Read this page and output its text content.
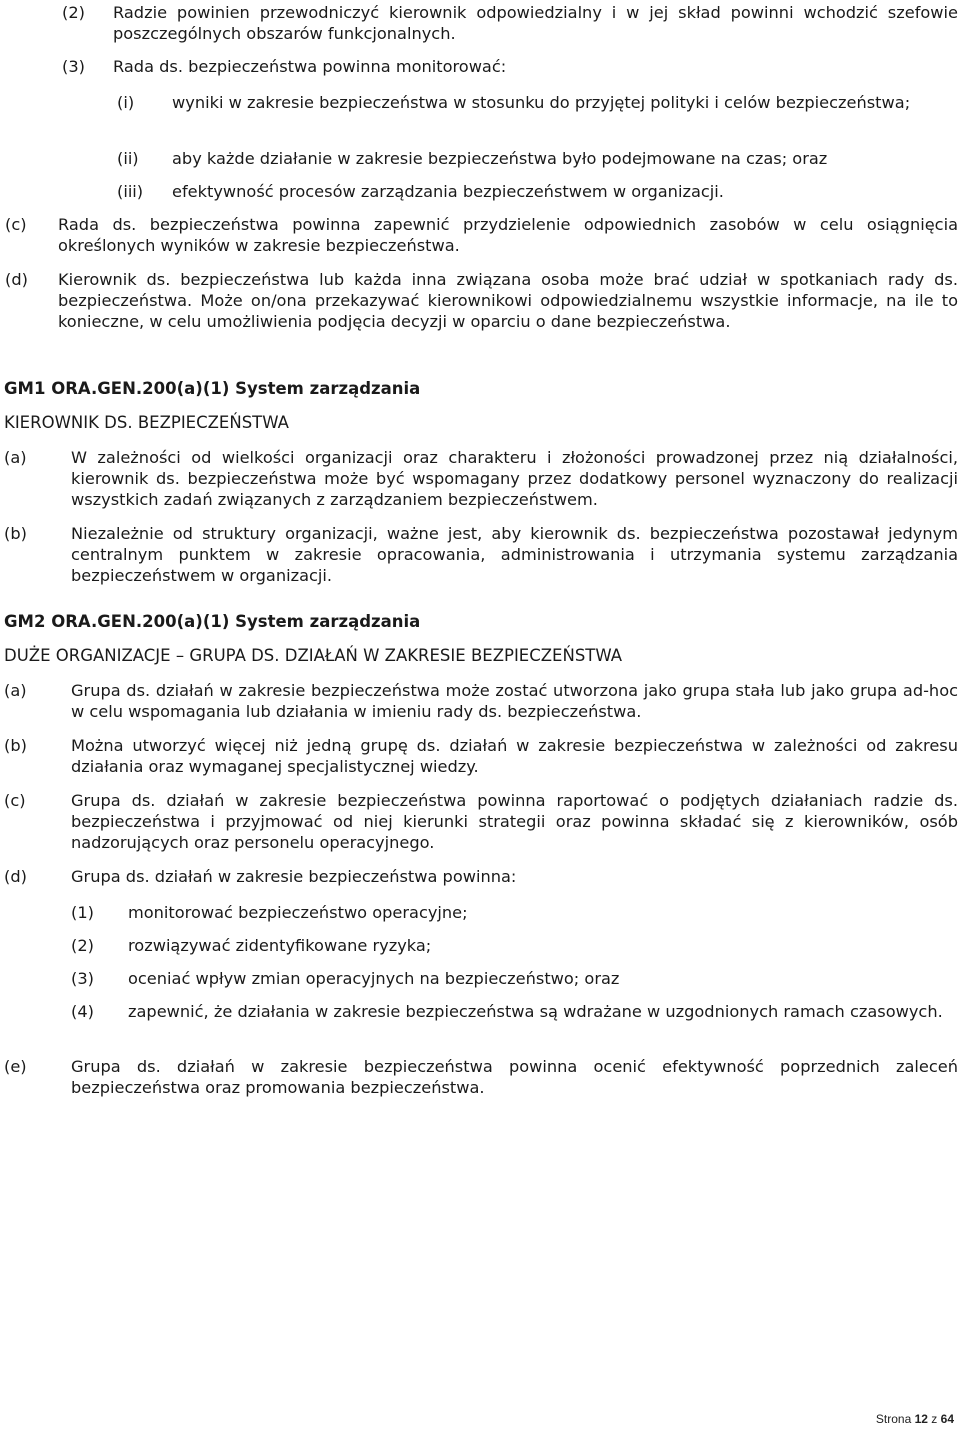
(2) Radzie powinien przewodniczyć kierownik odpowiedzialny i w jej skład powinni wchodzić szefowie poszczególnych obszarów funkcjonalnych.
(3) Rada ds. bezpieczeństwa powinna monitorować:
(i) wyniki w zakresie bezpieczeństwa w stosunku do przyjętej polityki i celów bezpieczeństwa;
(ii) aby każde działanie w zakresie bezpieczeństwa było podejmowane na czas; oraz
(iii) efektywność procesów zarządzania bezpieczeństwem w organizacji.
(c) Rada ds. bezpieczeństwa powinna zapewnić przydzielenie odpowiednich zasobów w celu osiągnięcia określonych wyników w zakresie bezpieczeństwa.
(d) Kierownik ds. bezpieczeństwa lub każda inna związana osoba może brać udział w spotkaniach rady ds. bezpieczeństwa. Może on/ona przekazywać kierownikowi odpowiedzialnemu wszystkie informacje, na ile to konieczne, w celu umożliwienia podjęcia decyzji w oparciu o dane bezpieczeństwa.
GM1 ORA.GEN.200(a)(1) System zarządzania
KIEROWNIK DS. BEZPIECZEŃSTWA
(a)	W zależności od wielkości organizacji oraz charakteru i złożoności prowadzonej przez nią działalności, kierownik ds. bezpieczeństwa może być wspomagany przez dodatkowy personel wyznaczony do realizacji wszystkich zadań związanych z zarządzaniem bezpieczeństwem.
(b)	Niezależnie od struktury organizacji, ważne jest, aby kierownik ds. bezpieczeństwa pozostawał jedynym centralnym punktem w zakresie opracowania, administrowania i utrzymania systemu zarządzania bezpieczeństwem w organizacji.
GM2 ORA.GEN.200(a)(1) System zarządzania
DUŻE ORGANIZACJE – GRUPA DS. DZIAŁAŃ W ZAKRESIE BEZPIECZEŃSTWA
(a)	Grupa ds. działań w zakresie bezpieczeństwa może zostać utworzona jako grupa stała lub jako grupa ad-hoc w celu wspomagania lub działania w imieniu rady ds. bezpieczeństwa.
(b)	Można utworzyć więcej niż jedną grupę ds. działań w zakresie bezpieczeństwa w zależności od zakresu działania oraz wymaganej specjalistycznej wiedzy.
(c)	Grupa ds. działań w zakresie bezpieczeństwa powinna raportować o podjętych działaniach radzie ds. bezpieczeństwa i przyjmować od niej kierunki strategii oraz powinna składać się z kierowników, osób nadzorujących oraz personelu operacyjnego.
(d)	Grupa ds. działań w zakresie bezpieczeństwa powinna:
(1) monitorować bezpieczeństwo operacyjne;
(2) rozwiązywać zidentyfikowane ryzyka;
(3) oceniać wpływ zmian operacyjnych na bezpieczeństwo; oraz
(4) zapewnić, że działania w zakresie bezpieczeństwa są wdrażane w uzgodnionych ramach czasowych.
(e)	Grupa ds. działań w zakresie bezpieczeństwa powinna ocenić efektywność poprzednich zaleceń bezpieczeństwa oraz promowania bezpieczeństwa.
Strona 12 z 64
